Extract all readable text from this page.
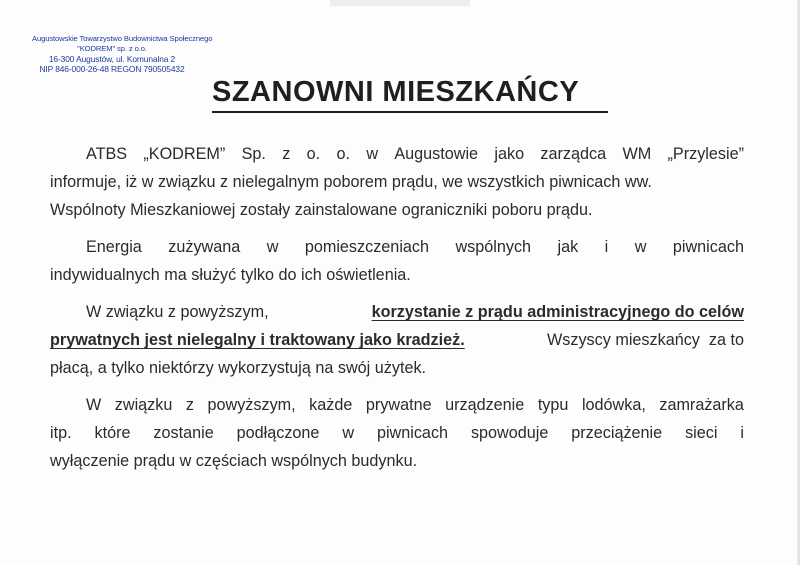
Augustowskie Towarzystwo Budownictwa Społecznego
"KODREM" sp. z o.o.
16-300 Augustów, ul. Komunalna 2
NIP 846-000-26-48 REGON 790505432
SZANOWNI MIESZKAŃCY
ATBS „KODREM” Sp. z o. o. w Augustowie jako zarządca WM „Przylesie”
informuje, iż w związku z nielegalnym poborem prądu, we wszystkich piwnicach ww.
Wspólnoty Mieszkaniowej zostały zainstalowane ograniczniki poboru prądu.
Energia zużywana w pomieszczeniach wspólnych jak i w piwnicach
indywidualnych ma służyć tylko do ich oświetlenia.
W związku z powyższym,	korzystanie z prądu administracyjnego do celów
prywatnych jest nielegalny i traktowany jako kradzież.	Wszyscy mieszkańcy  za to
płacą, a tylko niektórzy wykorzystują na swój użytek.
W związku z powyższym, każde prywatne urządzenie typu lodówka, zamrażarka
itp. które zostanie podłączone w piwnicach spowoduje przeciążenie sieci i
wyłączenie prądu w częściach wspólnych budynku.
